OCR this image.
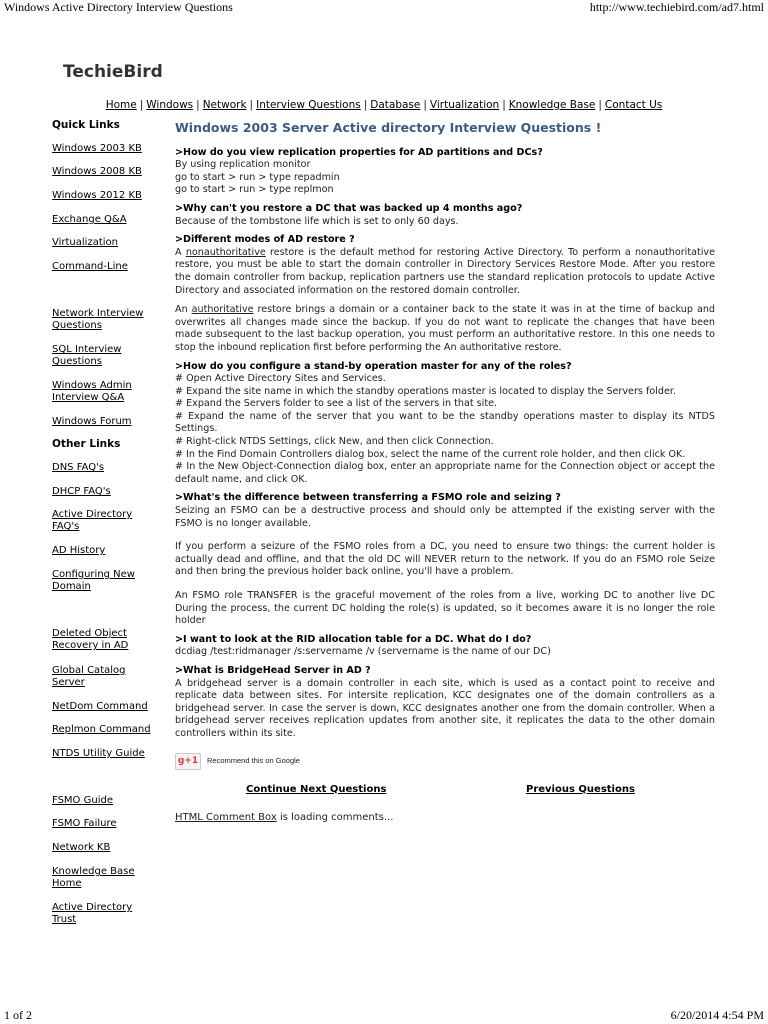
Windows Active Directory Interview Questions	http://www.techiebird.com/ad7.html
TechieBird
Home | Windows | Network | Interview Questions | Database | Virtualization | Knowledge Base | Contact Us
Quick Links
Windows 2003 KB
Windows 2008 KB
Windows 2012 KB
Exchange Q&A
Virtualization
Command-Line
Network Interview Questions
SQL Interview Questions
Windows Admin Interview Q&A
Windows Forum
Other Links
DNS FAQ's
DHCP FAQ's
Active Directory FAQ's
AD History
Configuring New Domain
Deleted Object Recovery in AD
Global Catalog Server
NetDom Command
Replmon Command
NTDS Utility Guide
FSMO Guide
FSMO Failure
Network KB
Knowledge Base Home
Active Directory Trust
Windows 2003 Server Active directory Interview Questions !
>How do you view replication properties for AD partitions and DCs?
By using replication monitor
go to start > run > type repadmin
go to start > run > type replmon
>Why can't you restore a DC that was backed up 4 months ago?
Because of the tombstone life which is set to only 60 days.
>Different modes of AD restore ?

A nonauthoritative restore is the default method for restoring Active Directory. To perform a nonauthoritative restore, you must be able to start the domain controller in Directory Services Restore Mode. After you restore the domain controller from backup, replication partners use the standard replication protocols to update Active Directory and associated information on the restored domain controller.

An authoritative restore brings a domain or a container back to the state it was in at the time of backup and overwrites all changes made since the backup. If you do not want to replicate the changes that have been made subsequent to the last backup operation, you must perform an authoritative restore. In this one needs to stop the inbound replication first before performing the An authoritative restore.

>How do you configure a stand-by operation master for any of the roles?
# Open Active Directory Sites and Services.
# Expand the site name in which the standby operations master is located to display the Servers folder.
# Expand the Servers folder to see a list of the servers in that site.
# Expand the name of the server that you want to be the standby operations master to display its NTDS Settings.
# Right-click NTDS Settings, click New, and then click Connection.
# In the Find Domain Controllers dialog box, select the name of the current role holder, and then click OK.
# In the New Object-Connection dialog box, enter an appropriate name for the Connection object or accept the default name, and click OK.
>What's the difference between transferring a FSMO role and seizing ?

Seizing an FSMO can be a destructive process and should only be attempted if the existing server with the FSMO is no longer available.

If you perform a seizure of the FSMO roles from a DC, you need to ensure two things: the current holder is actually dead and offline, and that the old DC will NEVER return to the network. If you do an FSMO role Seize and then bring the previous holder back online, you'll have a problem.

An FSMO role TRANSFER is the graceful movement of the roles from a live, working DC to another live DC During the process, the current DC holding the role(s) is updated, so it becomes aware it is no longer the role holder

>I want to look at the RID allocation table for a DC. What do I do?
dcdiag /test:ridmanager /s:servername /v (servername is the name of our DC)
>What is BridgeHead Server in AD ?

A bridgehead server is a domain controller in each site, which is used as a contact point to receive and replicate data between sites. For intersite replication, KCC designates one of the domain controllers as a bridgehead server. In case the server is down, KCC designates another one from the domain controller. When a bridgehead server receives replication updates from another site, it replicates the data to the other domain controllers within its site.

g+1	Recommend this on Google
Continue Next Questions	Previous Questions
HTML Comment Box is loading comments...
1 of 2	6/20/2014 4:54 PM
